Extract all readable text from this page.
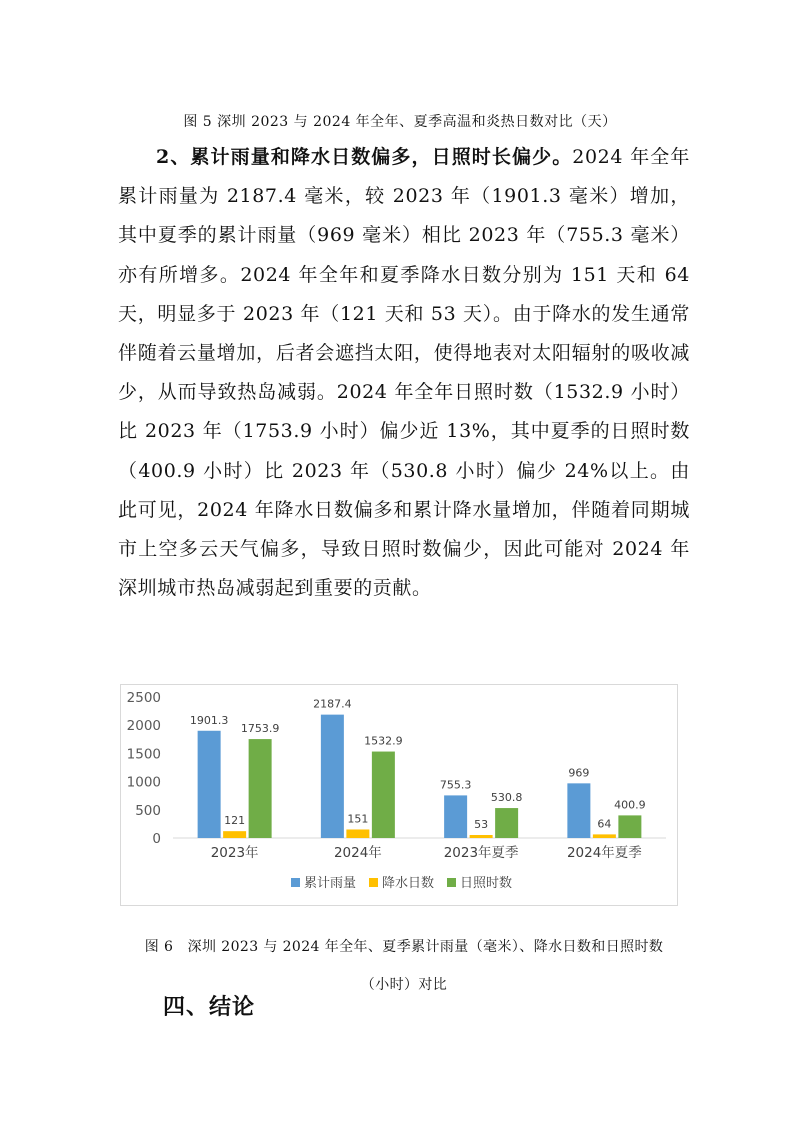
图 5 深圳 2023 与 2024 年全年、夏季高温和炎热日数对比（天）
2、累计雨量和降水日数偏多，日照时长偏少。2024 年全年累计雨量为 2187.4 毫米，较 2023 年（1901.3 毫米）增加，其中夏季的累计雨量（969 毫米）相比 2023 年（755.3 毫米）亦有所增多。2024 年全年和夏季降水日数分别为 151 天和 64 天，明显多于 2023 年（121 天和 53 天）。由于降水的发生通常伴随着云量增加，后者会遮挡太阳，使得地表对太阳辐射的吸收减少，从而导致热岛减弱。2024 年全年日照时数（1532.9 小时）比 2023 年（1753.9 小时）偏少近 13%，其中夏季的日照时数（400.9 小时）比 2023 年（530.8 小时）偏少 24%以上。由此可见，2024 年降水日数偏多和累计降水量增加，伴随着同期城市上空多云天气偏多，导致日照时数偏少，因此可能对 2024 年深圳城市热岛减弱起到重要的贡献。
0
500
1000
1500
2000
2500
1901.3
121
1753.9
2023年
2187.4
151
1532.9
2024年
755.3
53
530.8
2023年夏季
969
64
400.9
2024年夏季
累计雨量 降水日数 日照时数
图 6　深圳 2023 与 2024 年全年、夏季累计雨量（毫米）、降水日数和日照时数
（小时）对比
四、结论
